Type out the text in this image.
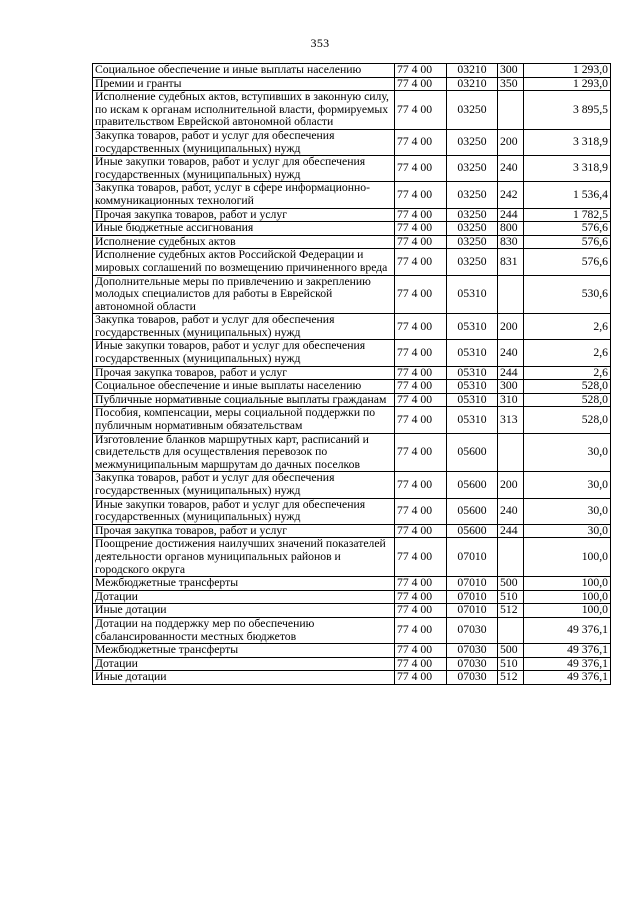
353
Социальное обеспечение и иные выплаты населению	77 4 00	03210	300	1 293,0
Премии и гранты	77 4 00	03210	350	1 293,0
Исполнение судебных актов, вступивших в законную силу, по искам к органам исполнительной власти, формируемых правительством Еврейской автономной области	77 4 00	03250		3 895,5
Закупка товаров, работ и услуг для обеспечения государственных (муниципальных) нужд	77 4 00	03250	200	3 318,9
Иные закупки товаров, работ и услуг для обеспечения государственных (муниципальных) нужд	77 4 00	03250	240	3 318,9
Закупка товаров, работ, услуг в сфере информационно-коммуникационных технологий	77 4 00	03250	242	1 536,4
Прочая закупка товаров, работ и услуг	77 4 00	03250	244	1 782,5
Иные бюджетные ассигнования	77 4 00	03250	800	576,6
Исполнение судебных актов	77 4 00	03250	830	576,6
Исполнение судебных актов Российской Федерации и мировых соглашений по возмещению причиненного вреда	77 4 00	03250	831	576,6
Дополнительные меры по привлечению и закреплению молодых специалистов для работы в Еврейской автономной области	77 4 00	05310		530,6
Закупка товаров, работ и услуг для обеспечения государственных (муниципальных) нужд	77 4 00	05310	200	2,6
Иные закупки товаров, работ и услуг для обеспечения государственных (муниципальных) нужд	77 4 00	05310	240	2,6
Прочая закупка товаров, работ и услуг	77 4 00	05310	244	2,6
Социальное обеспечение и иные выплаты населению	77 4 00	05310	300	528,0
Публичные нормативные социальные выплаты гражданам	77 4 00	05310	310	528,0
Пособия, компенсации, меры социальной поддержки по публичным нормативным обязательствам	77 4 00	05310	313	528,0
Изготовление бланков маршрутных карт, расписаний и свидетельств для осуществления перевозок по межмуниципальным маршрутам до дачных поселков	77 4 00	05600		30,0
Закупка товаров, работ и услуг для обеспечения государственных (муниципальных) нужд	77 4 00	05600	200	30,0
Иные закупки товаров, работ и услуг для обеспечения государственных (муниципальных) нужд	77 4 00	05600	240	30,0
Прочая закупка товаров, работ и услуг	77 4 00	05600	244	30,0
Поощрение достижения наилучших значений показателей деятельности органов муниципальных районов и городского округа	77 4 00	07010		100,0
Межбюджетные трансферты	77 4 00	07010	500	100,0
Дотации	77 4 00	07010	510	100,0
Иные дотации	77 4 00	07010	512	100,0
Дотации на поддержку мер по обеспечению сбалансированности местных бюджетов	77 4 00	07030		49 376,1
Межбюджетные трансферты	77 4 00	07030	500	49 376,1
Дотации	77 4 00	07030	510	49 376,1
Иные дотации	77 4 00	07030	512	49 376,1
